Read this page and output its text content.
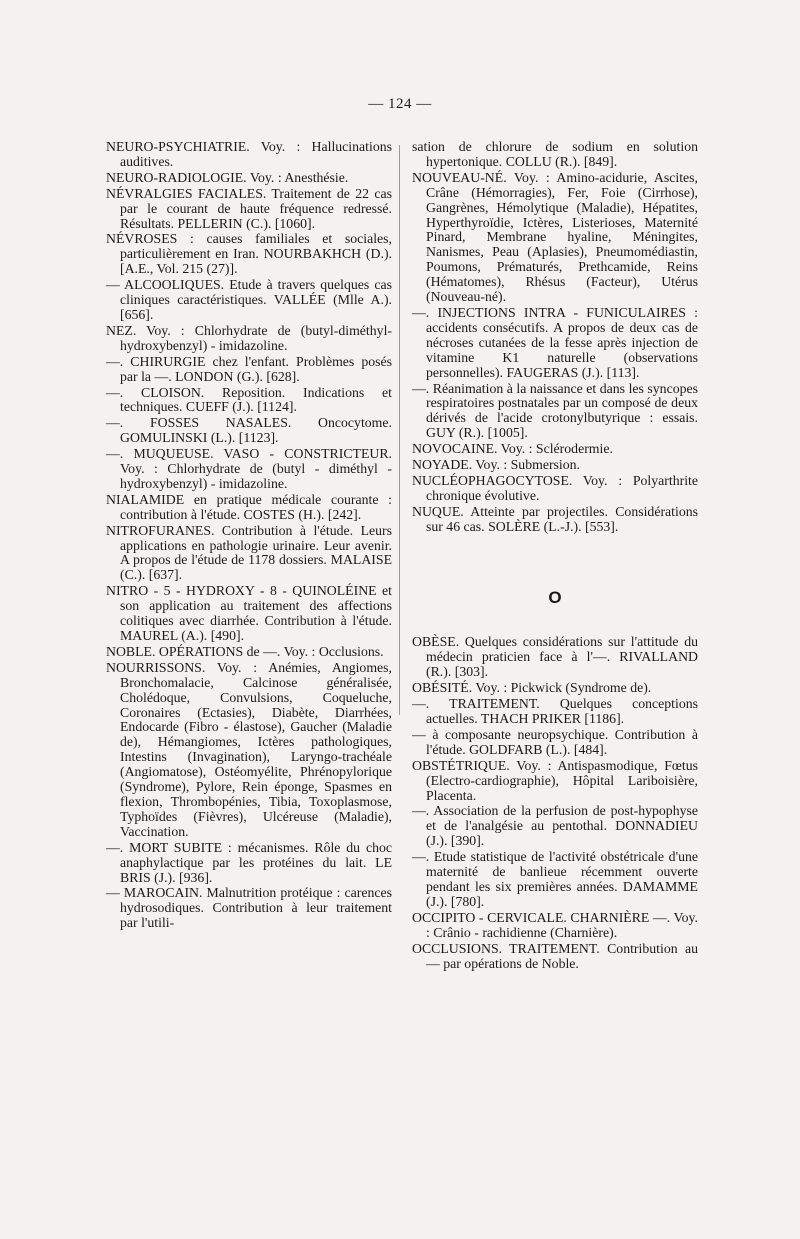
— 124 —

NEURO-PSYCHIATRIE. Voy. : Hallucinations auditives.

NEURO-RADIOLOGIE. Voy. : Anesthésie.

NÉVRALGIES FACIALES. Traitement de 22 cas par le courant de haute fréquence redressé. Résultats. PELLERIN (C.). [1060].

NÉVROSES : causes familiales et sociales, particulièrement en Iran. NOURBAKHCH (D.). [A.E., Vol. 215 (27)].

— ALCOOLIQUES. Etude à travers quelques cas cliniques caractéristiques. VALLÉE (Mlle A.). [656].

NEZ. Voy. : Chlorhydrate de (butyl-diméthyl-hydroxybenzyl) - imidazoline.

—. CHIRURGIE chez l'enfant. Problèmes posés par la —. LONDON (G.). [628].

—. CLOISON. Reposition. Indications et techniques. CUEFF (J.). [1124].

—. FOSSES NASALES. Oncocytome. GOMULINSKI (L.). [1123].

—. MUQUEUSE. VASO - CONSTRICTEUR. Voy. : Chlorhydrate de (butyl - diméthyl - hydroxybenzyl) - imidazoline.

NIALAMIDE en pratique médicale courante : contribution à l'étude. COSTES (H.). [242].

NITROFURANES. Contribution à l'étude. Leurs applications en pathologie urinaire. Leur avenir. A propos de l'étude de 1178 dossiers. MALAISE (C.). [637].

NITRO - 5 - HYDROXY - 8 - QUINOLÉINE et son application au traitement des affections colitiques avec diarrhée. Contribution à l'étude. MAUREL (A.). [490].

NOBLE. OPÉRATIONS de —. Voy. : Occlusions.

NOURRISSONS. Voy. : Anémies, Angiomes, Bronchomalacie, Calcinose généralisée, Cholédoque, Convulsions, Coqueluche, Coronaires (Ectasies), Diabète, Diarrhées, Endocarde (Fibro - élastose), Gaucher (Maladie de), Hémangiomes, Ictères pathologiques, Intestins (Invagination), Laryngo-trachéale (Angiomatose), Ostéomyélite, Phrénopylorique (Syndrome), Pylore, Rein éponge, Spasmes en flexion, Thrombopénies, Tibia, Toxoplasmose, Typhoïdes (Fièvres), Ulcéreuse (Maladie), Vaccination.

—. MORT SUBITE : mécanismes. Rôle du choc anaphylactique par les protéines du lait. LE BRIS (J.). [936].

— MAROCAIN. Malnutrition protéique : carences hydrosodiques. Contribution à leur traitement par l'utili-

sation de chlorure de sodium en solution hypertonique. COLLU (R.). [849].

NOUVEAU-NÉ. Voy. : Amino-acidurie, Ascites, Crâne (Hémorragies), Fer, Foie (Cirrhose), Gangrènes, Hémolytique (Maladie), Hépatites, Hyperthyroïdie, Ictères, Listerioses, Maternité Pinard, Membrane hyaline, Méningites, Nanismes, Peau (Aplasies), Pneumomédiastin, Poumons, Prématurés, Prethcamide, Reins (Hématomes), Rhésus (Facteur), Utérus (Nouveau-né).

—. INJECTIONS INTRA - FUNICULAIRES : accidents consécutifs. A propos de deux cas de nécroses cutanées de la fesse après injection de vitamine K1 naturelle (observations personnelles). FAUGERAS (J.). [113].

—. Réanimation à la naissance et dans les syncopes respiratoires postnatales par un composé de deux dérivés de l'acide crotonylbutyrique : essais. GUY (R.). [1005].

NOVOCAINE. Voy. : Sclérodermie.

NOYADE. Voy. : Submersion.

NUCLÉOPHAGOCYTOSE. Voy. : Polyarthrite chronique évolutive.

NUQUE. Atteinte par projectiles. Considérations sur 46 cas. SOLÈRE (L.-J.). [553].

O

OBÈSE. Quelques considérations sur l'attitude du médecin praticien face à l'—. RIVALLAND (R.). [303].

OBÉSITÉ. Voy. : Pickwick (Syndrome de).

—. TRAITEMENT. Quelques conceptions actuelles. THACH PRIKER [1186].

— à composante neuropsychique. Contribution à l'étude. GOLDFARB (L.). [484].

OBSTÉTRIQUE. Voy. : Antispasmodique, Fœtus (Electro-cardiographie), Hôpital Lariboisière, Placenta.

—. Association de la perfusion de post-hypophyse et de l'analgésie au pentothal. DONNADIEU (J.). [390].

—. Etude statistique de l'activité obstétricale d'une maternité de banlieue récemment ouverte pendant les six premières années. DAMAMME (J.). [780].

OCCIPITO - CERVICALE. CHARNIÈRE —. Voy. : Crânio - rachidienne (Charnière).

OCCLUSIONS. TRAITEMENT. Contribution au — par opérations de Noble.
